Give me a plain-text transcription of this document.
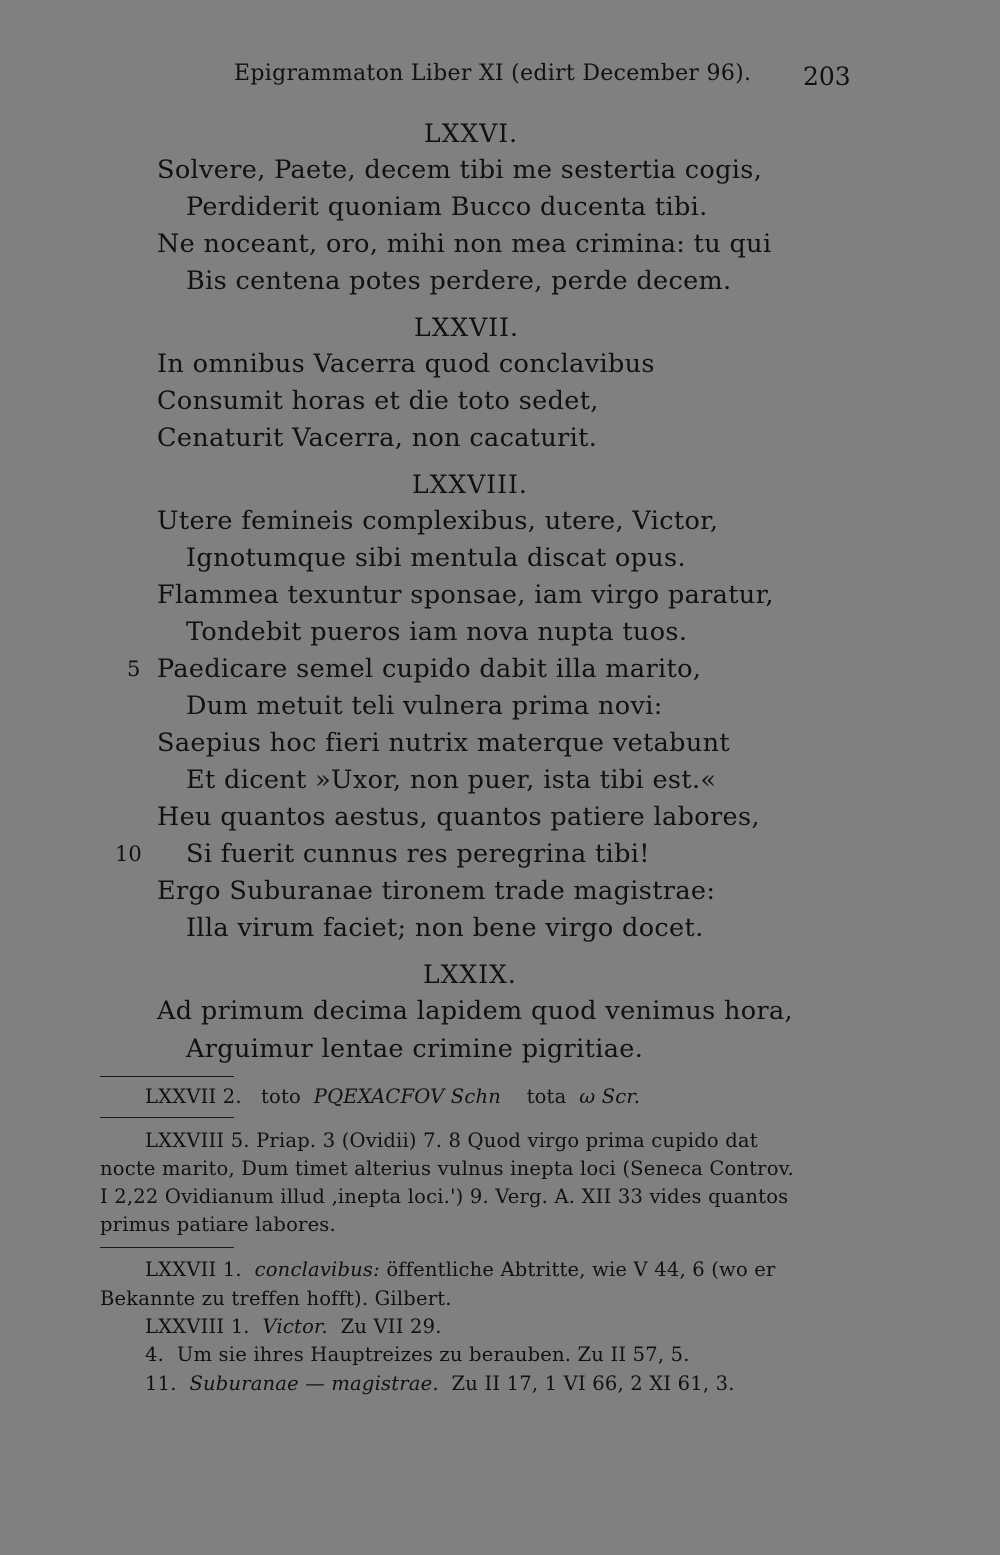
Epigrammaton Liber XI (edirt December 96). 203
LXXVI.
Solvere, Paete, decem tibi me sestertia cogis,
Perdiderit quoniam Bucco ducenta tibi.
Ne noceant, oro, mihi non mea crimina: tu qui
Bis centena potes perdere, perde decem.
LXXVII.
In omnibus Vacerra quod conclavibus
Consumit horas et die toto sedet,
Cenaturit Vacerra, non cacaturit.
LXXVIII.
Utere femineis complexibus, utere, Victor,
Ignotumque sibi mentula discat opus.
Flammea texuntur sponsae, iam virgo paratur,
Tondebit pueros iam nova nupta tuos.
5 Paedicare semel cupido dabit illa marito,
Dum metuit teli vulnera prima novi:
Saepius hoc fieri nutrix materque vetabunt
Et dicent »Uxor, non puer, ista tibi est.«
Heu quantos aestus, quantos patiere labores,
10 Si fuerit cunnus res peregrina tibi!
Ergo Suburanae tironem trade magistrae:
Illa virum faciet; non bene virgo docet.
LXXIX.
Ad primum decima lapidem quod venimus hora,
Arguimur lentae crimine pigritiae.
LXXVII 2. toto PQEXACFOV Schn tota ω Scr.
LXXVIII 5. Priap. 3 (Ovidii) 7. 8 Quod virgo prima cupido dat
nocte marito, Dum timet alterius vulnus inepta loci (Seneca Controv.
I 2,22 Ovidianum illud ‚inepta loci.') 9. Verg. A. XII 33 vides quantos
primus patiare labores.
LXXVII 1. conclavibus: öffentliche Abtritte, wie V 44, 6 (wo er
Bekannte zu treffen hofft). Gilbert.
LXXVIII 1. Victor. Zu VII 29.
4. Um sie ihres Hauptreizes zu berauben. Zu II 57, 5.
11. Suburanae — magistrae. Zu II 17, 1 VI 66, 2 XI 61, 3.
